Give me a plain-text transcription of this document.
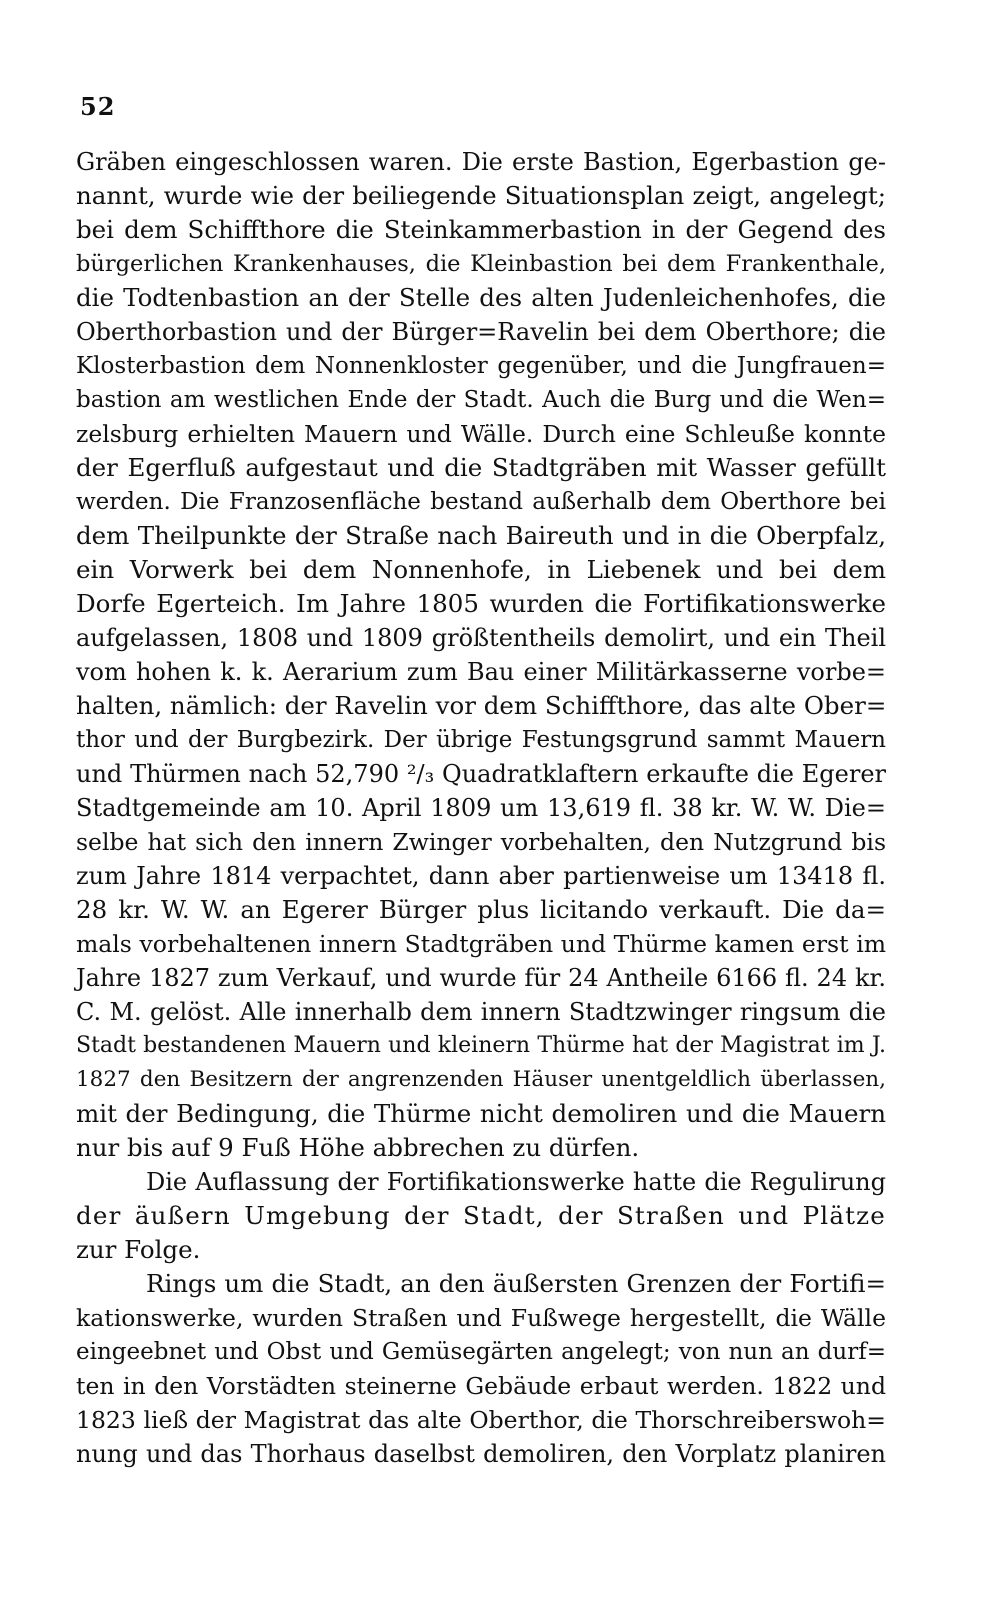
52
Gräben eingeschlossen waren. Die erste Bastion, Egerbastion ge-
nannt, wurde wie der beiliegende Situationsplan zeigt, angelegt;
bei dem Schiffthore die Steinkammerbastion in der Gegend des
bürgerlichen Krankenhauses, die Kleinbastion bei dem Frankenthale,
die Todtenbastion an der Stelle des alten Judenleichenhofes, die
Oberthorbastion und der Bürger=Ravelin bei dem Oberthore; die
Klosterbastion dem Nonnenkloster gegenüber, und die Jungfrauen=
bastion am westlichen Ende der Stadt. Auch die Burg und die Wen=
zelsburg erhielten Mauern und Wälle. Durch eine Schleuße konnte
der Egerfluß aufgestaut und die Stadtgräben mit Wasser gefüllt
werden. Die Franzosenfläche bestand außerhalb dem Oberthore bei
dem Theilpunkte der Straße nach Baireuth und in die Oberpfalz,
ein Vorwerk bei dem Nonnenhofe, in Liebenek und bei dem
Dorfe Egerteich. Im Jahre 1805 wurden die Fortifikationswerke
aufgelassen, 1808 und 1809 größtentheils demolirt, und ein Theil
vom hohen k. k. Aerarium zum Bau einer Militärkasserne vorbe=
halten, nämlich: der Ravelin vor dem Schiffthore, das alte Ober=
thor und der Burgbezirk. Der übrige Festungsgrund sammt Mauern
und Thürmen nach 52,790 ²/₃ Quadratklaftern erkaufte die Egerer
Stadtgemeinde am 10. April 1809 um 13,619 fl. 38 kr. W. W. Die=
selbe hat sich den innern Zwinger vorbehalten, den Nutzgrund bis
zum Jahre 1814 verpachtet, dann aber partienweise um 13418 fl.
28 kr. W. W. an Egerer Bürger plus licitando verkauft. Die da=
mals vorbehaltenen innern Stadtgräben und Thürme kamen erst im
Jahre 1827 zum Verkauf, und wurde für 24 Antheile 6166 fl. 24 kr.
C. M. gelöst. Alle innerhalb dem innern Stadtzwinger ringsum die
Stadt bestandenen Mauern und kleinern Thürme hat der Magistrat im J.
1827 den Besitzern der angrenzenden Häuser unentgeldlich überlassen,
mit der Bedingung, die Thürme nicht demoliren und die Mauern
nur bis auf 9 Fuß Höhe abbrechen zu dürfen.
Die Auflassung der Fortifikationswerke hatte die Regulirung
der äußern Umgebung der Stadt, der Straßen und Plätze
zur Folge.
Rings um die Stadt, an den äußersten Grenzen der Fortifi=
kationswerke, wurden Straßen und Fußwege hergestellt, die Wälle
eingeebnet und Obst und Gemüsegärten angelegt; von nun an durf=
ten in den Vorstädten steinerne Gebäude erbaut werden. 1822 und
1823 ließ der Magistrat das alte Oberthor, die Thorschreiberswoh=
nung und das Thorhaus daselbst demoliren, den Vorplatz planiren
